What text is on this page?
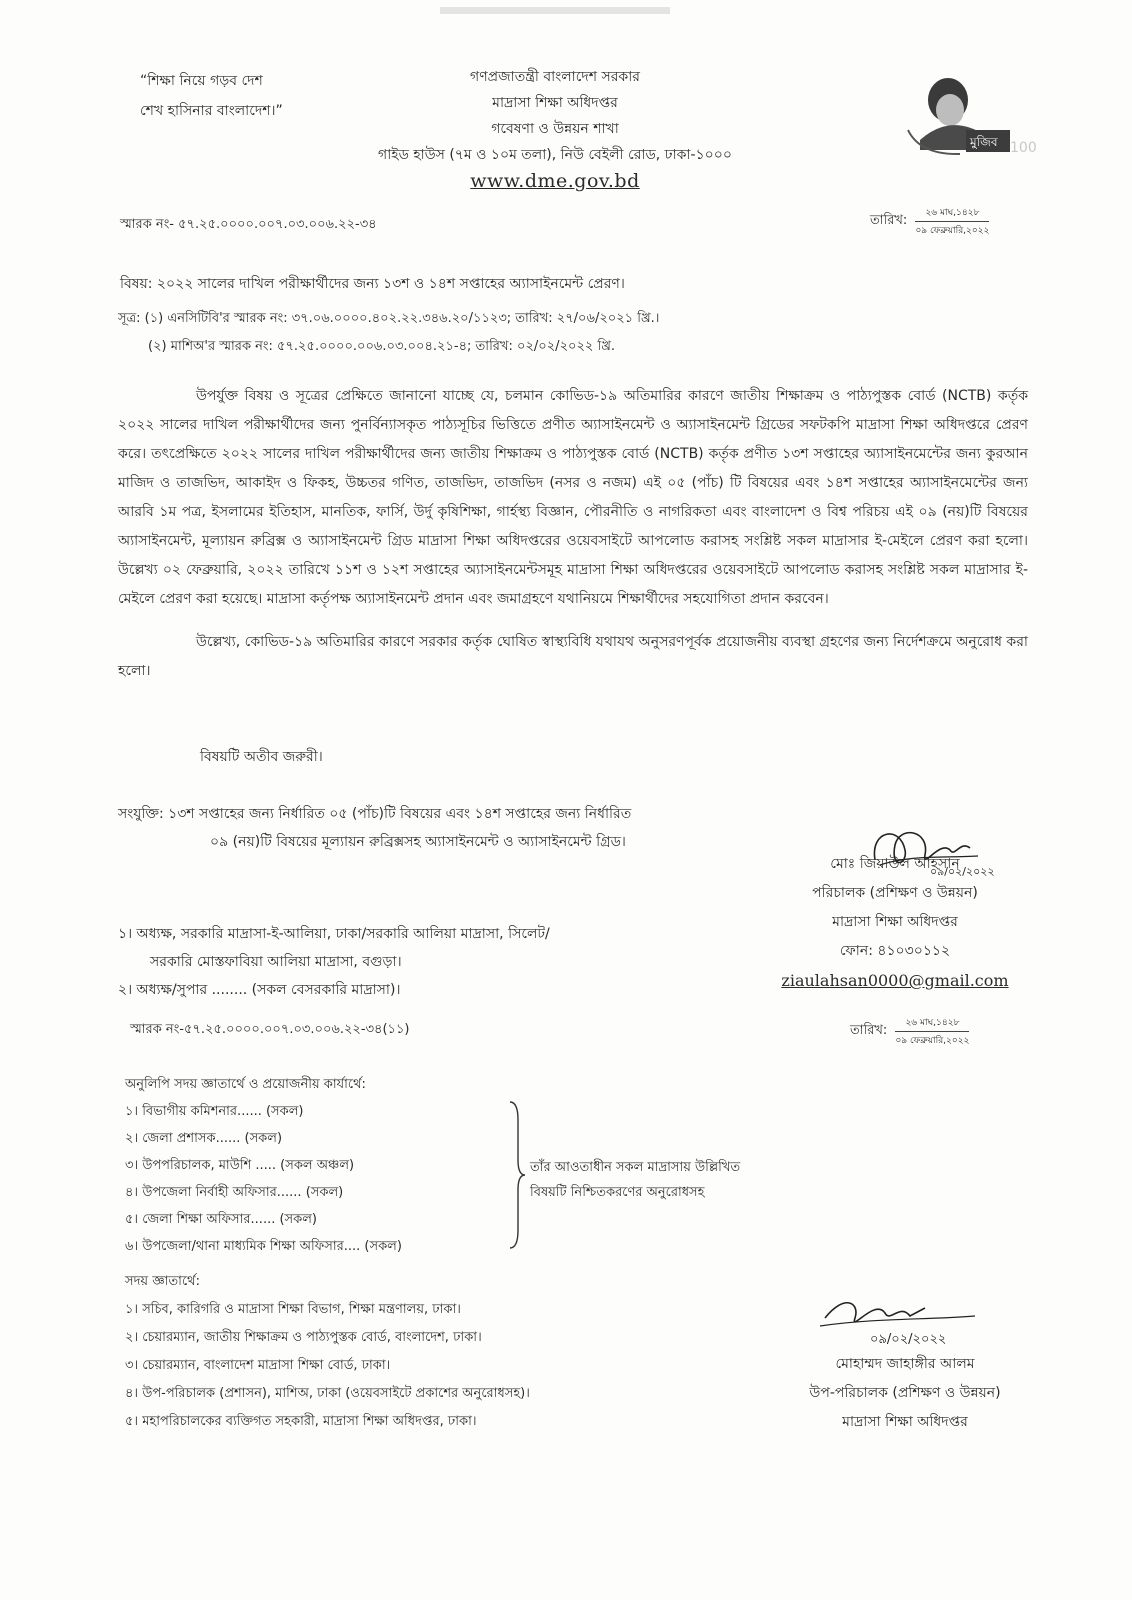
“শিক্ষা নিয়ে গড়ব দেশ
শেখ হাসিনার বাংলাদেশ।”
গণপ্রজাতন্ত্রী বাংলাদেশ সরকার
মাদ্রাসা শিক্ষা অধিদপ্তর
গবেষণা ও উন্নয়ন শাখা
গাইড হাউস (৭ম ও ১০ম তলা), নিউ বেইলী রোড, ঢাকা-১০০০
www.dme.gov.bd
মুজিব 100
স্মারক নং- ৫৭.২৫.০০০০.০০৭.০৩.০০৬.২২-৩৪	তারিখ:	২৬ মাঘ,১৪২৮
০৯ ফেব্রুয়ারি,২০২২
বিষয়: ২০২২ সালের দাখিল পরীক্ষার্থীদের জন্য ১৩শ ও ১৪শ সপ্তাহের অ্যাসাইনমেন্ট প্রেরণ।
সূত্র: (১) এনসিটিবি'র স্মারক নং: ৩৭.০৬.০০০০.৪০২.২২.৩৪৬.২০/১১২৩; তারিখ: ২৭/০৬/২০২১ খ্রি.।
(২) মাশিঅ'র স্মারক নং: ৫৭.২৫.০০০০.০০৬.০৩.০০৪.২১-৪; তারিখ: ০২/০২/২০২২ খ্রি.

উপর্যুক্ত বিষয় ও সূত্রের প্রেক্ষিতে জানানো যাচ্ছে যে, চলমান কোভিড-১৯ অতিমারির কারণে জাতীয় শিক্ষাক্রম ও পাঠ্যপুস্তক বোর্ড (NCTB) কর্তৃক ২০২২ সালের দাখিল পরীক্ষার্থীদের জন্য পুনর্বিন্যাসকৃত পাঠ্যসূচির ভিত্তিতে প্রণীত অ্যাসাইনমেন্ট ও অ্যাসাইনমেন্ট গ্রিডের সফটকপি মাদ্রাসা শিক্ষা অধিদপ্তরে প্রেরণ করে। তৎপ্রেক্ষিতে ২০২২ সালের দাখিল পরীক্ষার্থীদের জন্য জাতীয় শিক্ষাক্রম ও পাঠ্যপুস্তক বোর্ড (NCTB) কর্তৃক প্রণীত ১৩শ সপ্তাহের অ্যাসাইনমেন্টের জন্য কুরআন মাজিদ ও তাজভিদ, আকাইদ ও ফিকহ, উচ্চতর গণিত, তাজভিদ, তাজভিদ (নসর ও নজম) এই ০৫ (পাঁচ) টি বিষয়ের এবং ১৪শ সপ্তাহের অ্যাসাইনমেন্টের জন্য আরবি ১ম পত্র, ইসলামের ইতিহাস, মানতিক, ফার্সি, উর্দু কৃষিশিক্ষা, গার্হস্থ্য বিজ্ঞান, পৌরনীতি ও নাগরিকতা এবং বাংলাদেশ ও বিশ্ব পরিচয় এই ০৯ (নয়)টি বিষয়ের অ্যাসাইনমেন্ট, মূল্যায়ন রুব্রিক্স ও অ্যাসাইনমেন্ট গ্রিড মাদ্রাসা শিক্ষা অধিদপ্তরের ওয়েবসাইটে আপলোড করাসহ সংশ্লিষ্ট সকল মাদ্রাসার ই-মেইলে প্রেরণ করা হলো। উল্লেখ্য ০২ ফেব্রুয়ারি, ২০২২ তারিখে ১১শ ও ১২শ সপ্তাহের অ্যাসাইনমেন্টসমূহ মাদ্রাসা শিক্ষা অধিদপ্তরের ওয়েবসাইটে আপলোড করাসহ সংশ্লিষ্ট সকল মাদ্রাসার ই-মেইলে প্রেরণ করা হয়েছে। মাদ্রাসা কর্তৃপক্ষ অ্যাসাইনমেন্ট প্রদান এবং জমাগ্রহণে যথানিয়মে শিক্ষার্থীদের সহযোগিতা প্রদান করবেন।

উল্লেখ্য, কোভিড-১৯ অতিমারির কারণে সরকার কর্তৃক ঘোষিত স্বাস্থ্যবিধি যথাযথ অনুসরণপূর্বক প্রয়োজনীয় ব্যবস্থা গ্রহণের জন্য নির্দেশক্রমে অনুরোধ করা হলো।

বিষয়টি অতীব জরুরী।
সংযুক্তি: ১৩শ সপ্তাহের জন্য নির্ধারিত ০৫ (পাঁচ)টি বিষয়ের এবং ১৪শ সপ্তাহের জন্য নির্ধারিত
০৯ (নয়)টি বিষয়ের মূল্যায়ন রুব্রিক্সসহ অ্যাসাইনমেন্ট ও অ্যাসাইনমেন্ট গ্রিড।
০৯/০২/২০২২
মোঃ জিয়াউল আহসান
পরিচালক (প্রশিক্ষণ ও উন্নয়ন)
মাদ্রাসা শিক্ষা অধিদপ্তর
ফোন: ৪১০৩০১১২
ziaulahsan0000@gmail.com
১। অধ্যক্ষ, সরকারি মাদ্রাসা-ই-আলিয়া, ঢাকা/সরকারি আলিয়া মাদ্রাসা, সিলেট/
সরকারি মোস্তফাবিয়া আলিয়া মাদ্রাসা, বগুড়া।
২। অধ্যক্ষ/সুপার ........ (সকল বেসরকারি মাদ্রাসা)।
স্মারক নং-৫৭.২৫.০০০০.০০৭.০৩.০০৬.২২-৩৪(১১)	তারিখ:	২৬ মাঘ,১৪২৮
০৯ ফেব্রুয়ারি,২০২২
অনুলিপি সদয় জ্ঞাতার্থে ও প্রয়োজনীয় কার্যার্থে:
১। বিভাগীয় কমিশনার...... (সকল)
২। জেলা প্রশাসক...... (সকল)
৩। উপপরিচালক, মাউশি ..... (সকল অঞ্চল)
৪। উপজেলা নির্বাহী অফিসার...... (সকল)
৫। জেলা শিক্ষা অফিসার...... (সকল)
৬। উপজেলা/থানা মাধ্যমিক শিক্ষা অফিসার.... (সকল)
তাঁর আওতাধীন সকল মাদ্রাসায় উল্লিখিত
বিষয়টি নিশ্চিতকরণের অনুরোধসহ
সদয় জ্ঞাতার্থে:
১। সচিব, কারিগরি ও মাদ্রাসা শিক্ষা বিভাগ, শিক্ষা মন্ত্রণালয়, ঢাকা।
২। চেয়ারম্যান, জাতীয় শিক্ষাক্রম ও পাঠ্যপুস্তক বোর্ড, বাংলাদেশ, ঢাকা।
৩। চেয়ারম্যান, বাংলাদেশ মাদ্রাসা শিক্ষা বোর্ড, ঢাকা।
৪। উপ-পরিচালক (প্রশাসন), মাশিঅ, ঢাকা (ওয়েবসাইটে প্রকাশের অনুরোধসহ)।
৫। মহাপরিচালকের ব্যক্তিগত সহকারী, মাদ্রাসা শিক্ষা অধিদপ্তর, ঢাকা।
০৯/০২/২০২২
মোহাম্মদ জাহাঙ্গীর আলম
উপ-পরিচালক (প্রশিক্ষণ ও উন্নয়ন)
মাদ্রাসা শিক্ষা অধিদপ্তর
